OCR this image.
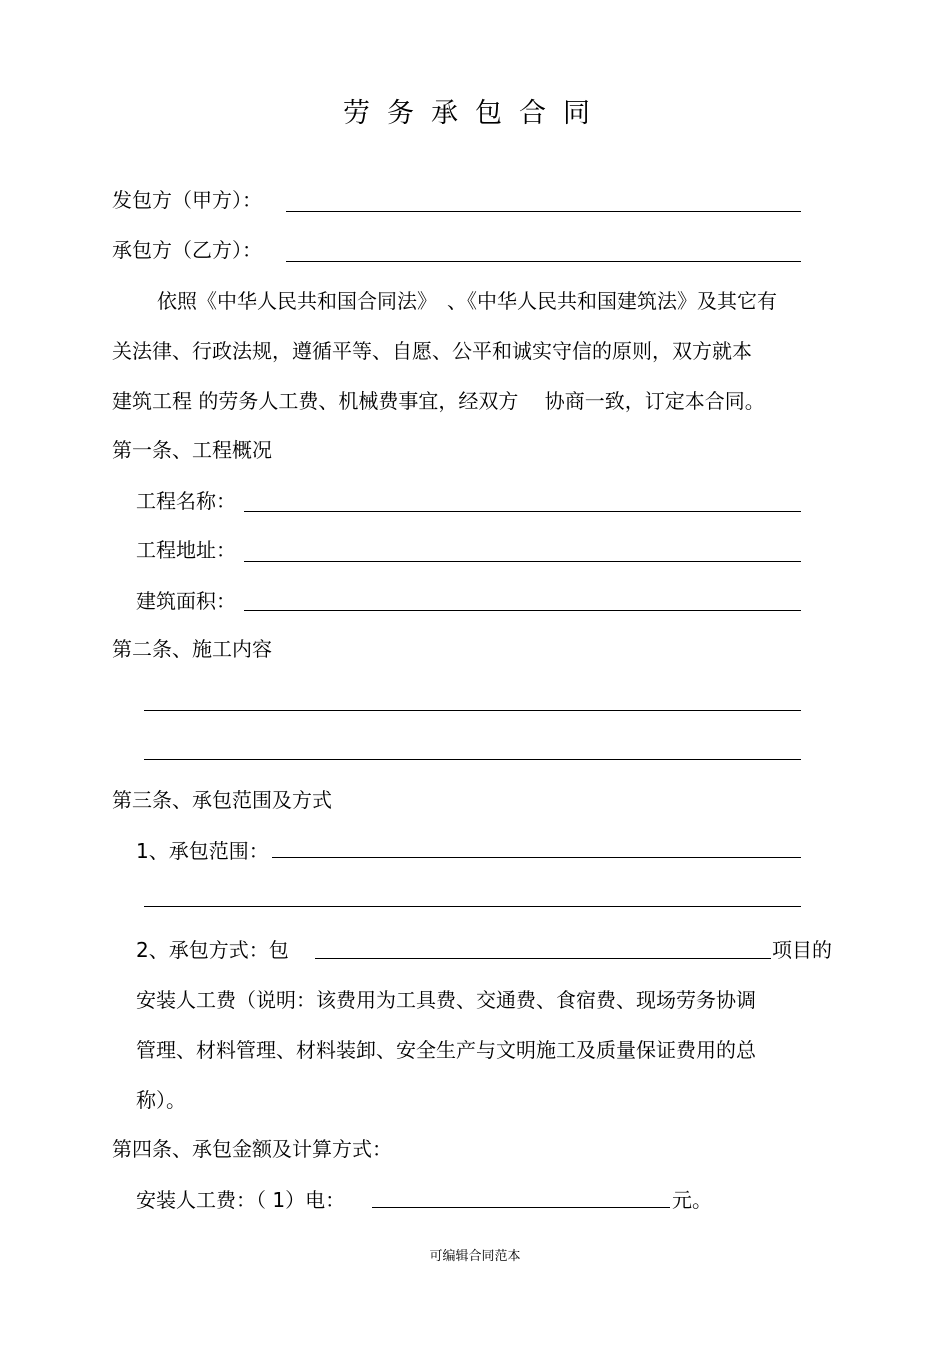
劳务承包合同
发包方（甲方）：
承包方（乙方）：
依照《中华人民共和国合同法》　、《中华人民共和国建筑法》及其它有
关法律、行政法规，遵循平等、自愿、公平和诚实守信的原则，双方就本
建筑工程 的劳务人工费、机械费事宜，经双方　 协商一致，订定本合同。
第一条、工程概况
工程名称：
工程地址：
建筑面积：
第二条、施工内容
第三条、承包范围及方式
1、承包范围：
2、承包方式：包	项目的
安装人工费（说明：该费用为工具费、交通费、食宿费、现场劳务协调
管理、材料管理、材料装卸、安全生产与文明施工及质量保证费用的总
称）。
第四条、承包金额及计算方式：
安装人工费：（ 1）电：	元。
可编辑合同范本
